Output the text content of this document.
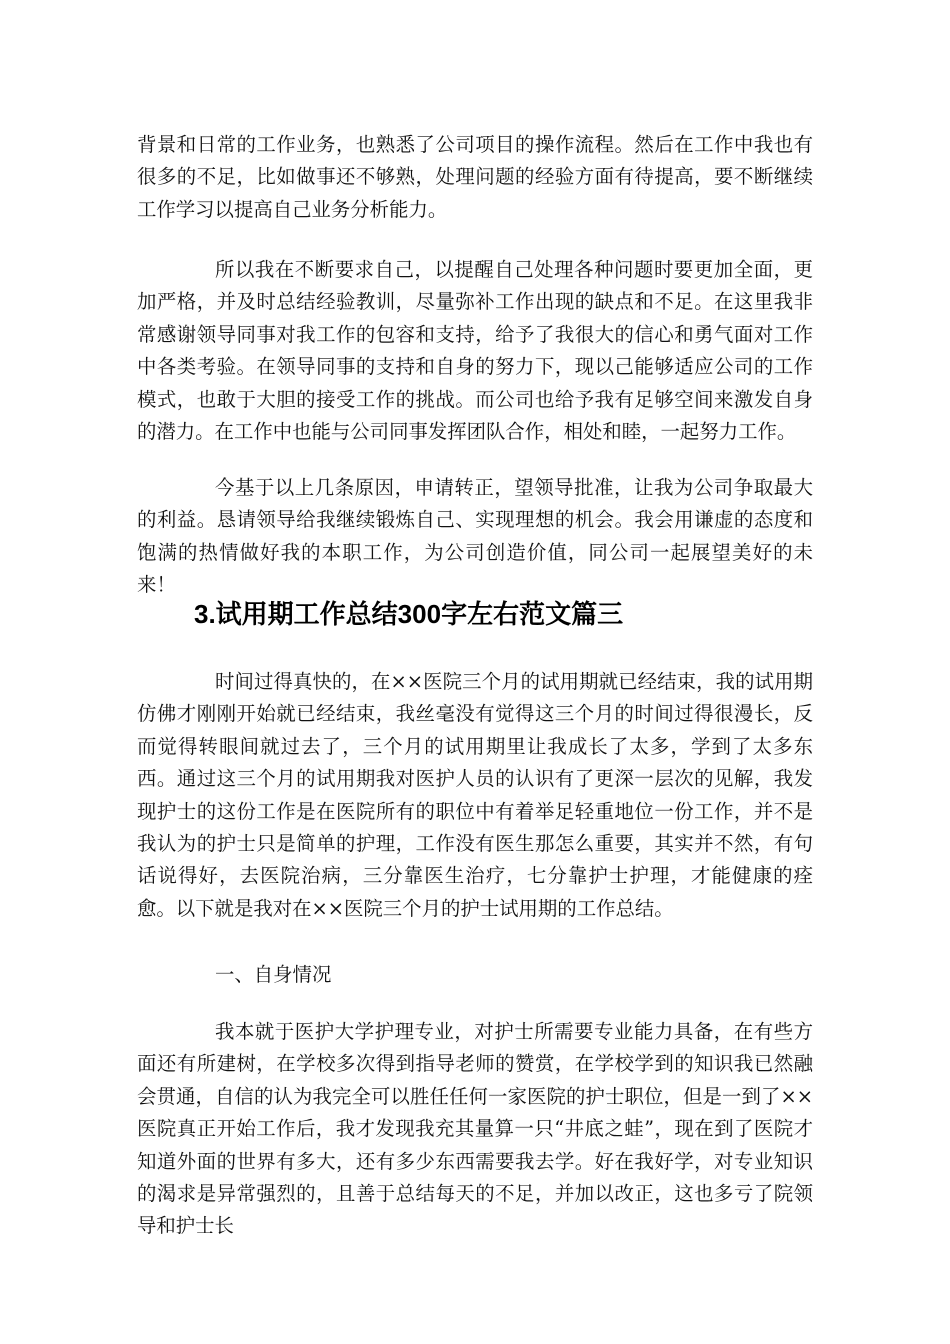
背景和日常的工作业务，也熟悉了公司项目的操作流程。然后在工作中我也有很多的不足，比如做事还不够熟，处理问题的经验方面有待提高，要不断继续工作学习以提高自己业务分析能力。

所以我在不断要求自己，以提醒自己处理各种问题时要更加全面，更加严格，并及时总结经验教训，尽量弥补工作出现的缺点和不足。在这里我非常感谢领导同事对我工作的包容和支持，给予了我很大的信心和勇气面对工作中各类考验。在领导同事的支持和自身的努力下，现以己能够适应公司的工作模式，也敢于大胆的接受工作的挑战。而公司也给予我有足够空间来激发自身的潜力。在工作中也能与公司同事发挥团队合作，相处和睦，一起努力工作。

今基于以上几条原因，申请转正，望领导批准，让我为公司争取最大的利益。恳请领导给我继续锻炼自己、实现理想的机会。我会用谦虚的态度和饱满的热情做好我的本职工作，为公司创造价值，同公司一起展望美好的未来！

3.试用期工作总结300字左右范文篇三

时间过得真快的，在××医院三个月的试用期就已经结束，我的试用期仿佛才刚刚开始就已经结束，我丝毫没有觉得这三个月的时间过得很漫长，反而觉得转眼间就过去了，三个月的试用期里让我成长了太多，学到了太多东西。通过这三个月的试用期我对医护人员的认识有了更深一层次的见解，我发现护士的这份工作是在医院所有的职位中有着举足轻重地位一份工作，并不是我认为的护士只是简单的护理，工作没有医生那怎么重要，其实并不然，有句话说得好，去医院治病，三分靠医生治疗，七分靠护士护理，才能健康的痊愈。以下就是我对在××医院三个月的护士试用期的工作总结。

一、自身情况

我本就于医护大学护理专业，对护士所需要专业能力具备，在有些方面还有所建树，在学校多次得到指导老师的赞赏，在学校学到的知识我已然融会贯通，自信的认为我完全可以胜任任何一家医院的护士职位，但是一到了××医院真正开始工作后，我才发现我充其量算一只“井底之蛙”，现在到了医院才知道外面的世界有多大，还有多少东西需要我去学。好在我好学，对专业知识的渴求是异常强烈的，且善于总结每天的不足，并加以改正，这也多亏了院领导和护士长
